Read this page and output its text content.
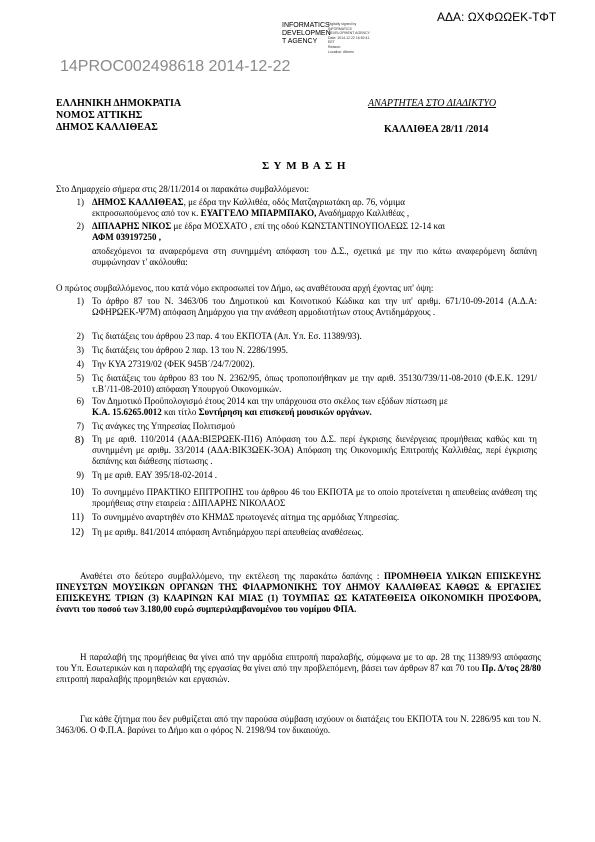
ΑΔΑ: ΩΧΦΩΩΕΚ-ΤΦΤ
INFORMATICS
DEVELOPMEN
T AGENCY
Digitally signed by
INFORMATICS
DEVELOPMENT AGENCY
Date: 2014.12.22 16:52:41
EET
Reason:
Location: Athens
14PROC002498618 2014-12-22
ΕΛΛΗΝΙΚΗ ΔΗΜΟΚΡΑΤΙΑ
ΝΟΜΟΣ ΑΤΤΙΚΗΣ
ΔΗΜΟΣ ΚΑΛΛΙΘΕΑΣ
ΑΝΑΡΤΗΤΕΑ ΣΤΟ ΔΙΑΔΙΚΤΥΟ
ΚΑΛΛΙΘΕΑ 28/11 /2014
Σ Υ Μ Β Α Σ Η
Στο Δημαρχείο σήμερα στις 28/11/2014 οι παρακάτω συμβαλλόμενοι:
1) ΔΗΜΟΣ ΚΑΛΛΙΘΕΑΣ, με έδρα την Καλλιθέα, οδός Ματζαγριωτάκη αρ. 76, νόμιμα
εκπροσωπούμενος από τον κ. ΕΥΑΓΓΕΛΟ ΜΠΑΡΜΠΑΚΟ, Αναδήμαρχο Καλλιθέας ,
2) ΔΙΠΛΑΡΗΣ ΝΙΚΟΣ με έδρα ΜΟΣΧΑΤΟ , επί της οδού ΚΩΝΣΤΑΝΤΙΝΟΥΠΟΛΕΩΣ 12-14 και
ΑΦΜ 039197250 ,
αποδεχόμενοι τα αναφερόμενα στη συνημμένη απόφαση του Δ.Σ., σχετικά με την πιο κάτω αναφερόμενη δαπάνη συμφώνησαν τ' ακόλουθα:
Ο πρώτος συμβαλλόμενος, που κατά νόμο εκπροσωπεί τον Δήμο, ως αναθέτουσα αρχή έχοντας υπ' όψη:
1) Το άρθρο 87 του Ν. 3463/06 του Δημοτικού και Κοινοτικού Κώδικα και την υπ' αριθμ. 671/10-09-2014 (Α.Δ.Α: ΩΦΗΡΩΕΚ-Ψ7Μ) απόφαση Δημάρχου για την ανάθεση αρμοδιοτήτων στους Αντιδημάρχους .
2) Τις διατάξεις του άρθρου 23 παρ. 4 του ΕΚΠΟΤΑ (Απ. Υπ. Εσ. 11389/93).
3) Τις διατάξεις του άρθρου 2 παρ. 13 του Ν. 2286/1995.
4) Την ΚΥΑ 27319/02 (ΦΕΚ 945Β΄/24/7/2002).
5) Τις διατάξεις του άρθρου 83 του Ν. 2362/95, όπως τροποποιήθηκαν με την αριθ. 35130/739/11-08-2010 (Φ.Ε.Κ. 1291/τ.Β΄/11-08-2010) απόφαση Υπουργού Οικονομικών.
6) Τον Δημοτικό Προϋπολογισμό έτους 2014 και την υπάρχουσα στο σκέλος των εξόδων πίστωση με
Κ.Α. 15.6265.0012 και τίτλο Συντήρηση και επισκευή μουσικών οργάνων.
7) Τις ανάγκες της Υπηρεσίας Πολιτισμού
8) Τη με αριθ. 110/2014 (ΑΔΑ:ΒΙΞΡΩΕΚ-Π16) Απόφαση του Δ.Σ. περί έγκρισης διενέργειας προμήθειας καθώς και τη συνημμένη με αριθμ. 33/2014 (ΑΔΑ:ΒΙΚ3ΩΕΚ-3ΟΑ) Απόφαση της Οικονομικής Επιτροπής Καλλιθέας, περί έγκρισης δαπάνης και διάθεσης πίστωσης .
9) Τη με αριθ. ΕΑΥ 395/18-02-2014 .
10) Το συνημμένο ΠΡΑΚΤΙΚΟ ΕΠΙΤΡΟΠΗΣ του άρθρου 46 του ΕΚΠΟΤΑ με το οποίο προτείνεται η απευθείας ανάθεση της προμήθειας στην εταιρεία : ΔΙΠΛΑΡΗΣ ΝΙΚΟΛΑΟΣ
11) Το συνημμένο αναρτηθέν στο ΚΗΜΔΣ πρωτογενές αίτημα της αρμόδιας Υπηρεσίας.
12) Τη με αριθμ. 841/2014 απόφαση Αντιδημάρχου περί απευθείας αναθέσεως.
Αναθέτει στο δεύτερο συμβαλλόμενο, την εκτέλεση της παρακάτω δαπάνης : ΠΡΟΜΗΘΕΙΑ ΥΛΙΚΩΝ ΕΠΙΣΚΕΥΗΣ ΠΝΕΥΣΤΩΝ ΜΟΥΣΙΚΩΝ ΟΡΓΑΝΩΝ ΤΗΣ ΦΙΛΑΡΜΟΝΙΚΗΣ ΤΟΥ ΔΗΜΟΥ ΚΑΛΛΙΘΕΑΣ ΚΑΘΩΣ & ΕΡΓΑΣΙΕΣ ΕΠΙΣΚΕΥΗΣ ΤΡΙΩΝ (3) ΚΛΑΡΙΝΩΝ ΚΑΙ ΜΙΑΣ (1) ΤΟΥΜΠΑΣ ΩΣ ΚΑΤΑΤΕΘΕΙΣΑ ΟΙΚΟΝΟΜΙΚΗ ΠΡΟΣΦΟΡΑ, έναντι του ποσού των 3.180,00 ευρώ συμπεριλαμβανομένου του νομίμου ΦΠΑ.
Η παραλαβή της προμήθειας θα γίνει από την αρμόδια επιτροπή παραλαβής, σύμφωνα με το αρ. 28 της 11389/93 απόφασης του Υπ. Εσωτερικών και η παραλαβή της εργασίας θα γίνει από την προβλεπόμενη, βάσει των άρθρων 87 και 70 του Πρ. Δ/τος 28/80 επιτροπή παραλαβής προμηθειών και εργασιών.
Για κάθε ζήτημα που δεν ρυθμίζεται από την παρούσα σύμβαση ισχύουν οι διατάξεις του ΕΚΠΟΤΑ του Ν. 2286/95 και του Ν. 3463/06. Ο Φ.Π.Α. βαρύνει το Δήμο και ο φόρος Ν. 2198/94 τον δικαιούχο.
